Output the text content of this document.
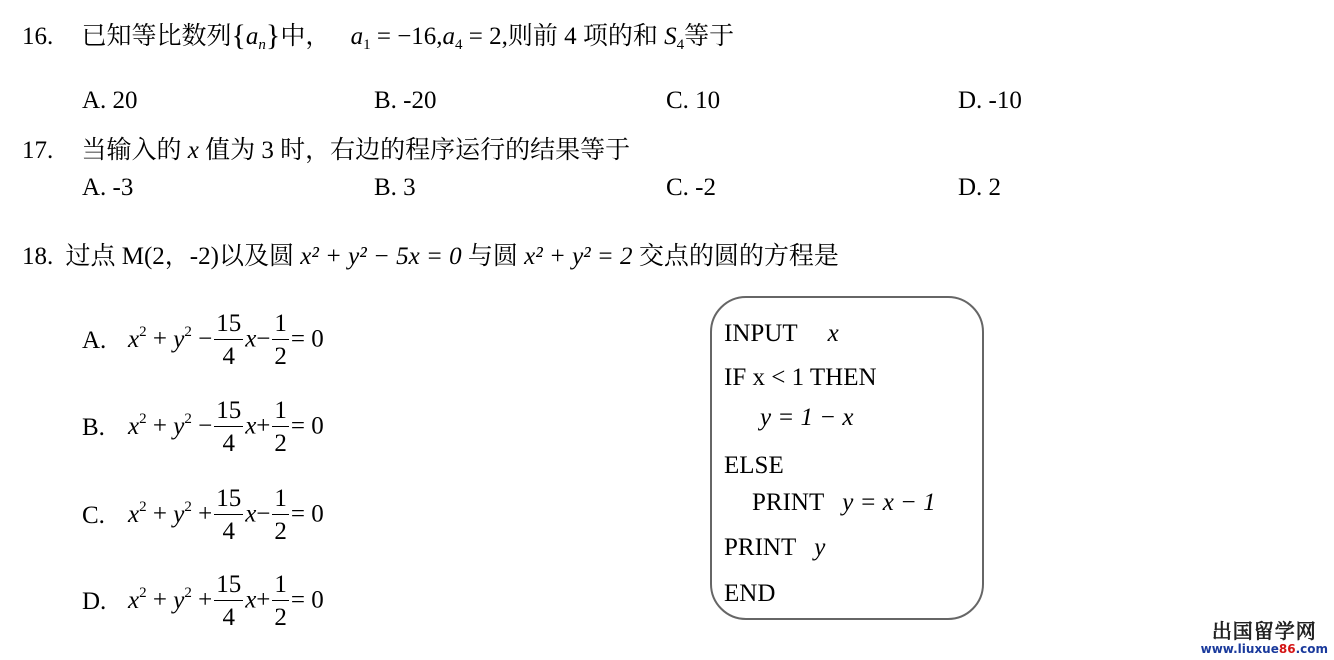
16. 已知等比数列$\{a_n\}$中， $a_1 = -16,a_4 = 2$,则前 4 项的和 $S_4$等于
A. 20	B. -20	C. 10	D. -10
17. 当输入的 x 值为 3 时，右边的程序运行的结果等于
A. -3	B. 3	C. -2	D. 2
18. 过点 M(2，-2)以及圆 x² + y² − 5x = 0 与圆 x² + y² = 2 交点的圆的方程是
A. $x^2 + y^2 - \frac{15}{4} x- \frac{1}{2} = 0$
B. $x^2 + y^2 - \frac{15}{4} x+ \frac{1}{2} = 0$
C. $x^2 + y^2 + \frac{15}{4} x- \frac{1}{2} = 0$
D. $x^2 + y^2 + \frac{15}{4} x+ \frac{1}{2} = 0$
INPUT x
IF x < 1 THEN
y = 1 − x
ELSE
PRINT y = x − 1
PRINT y
END
出国留学网
www.liuxue86.com
